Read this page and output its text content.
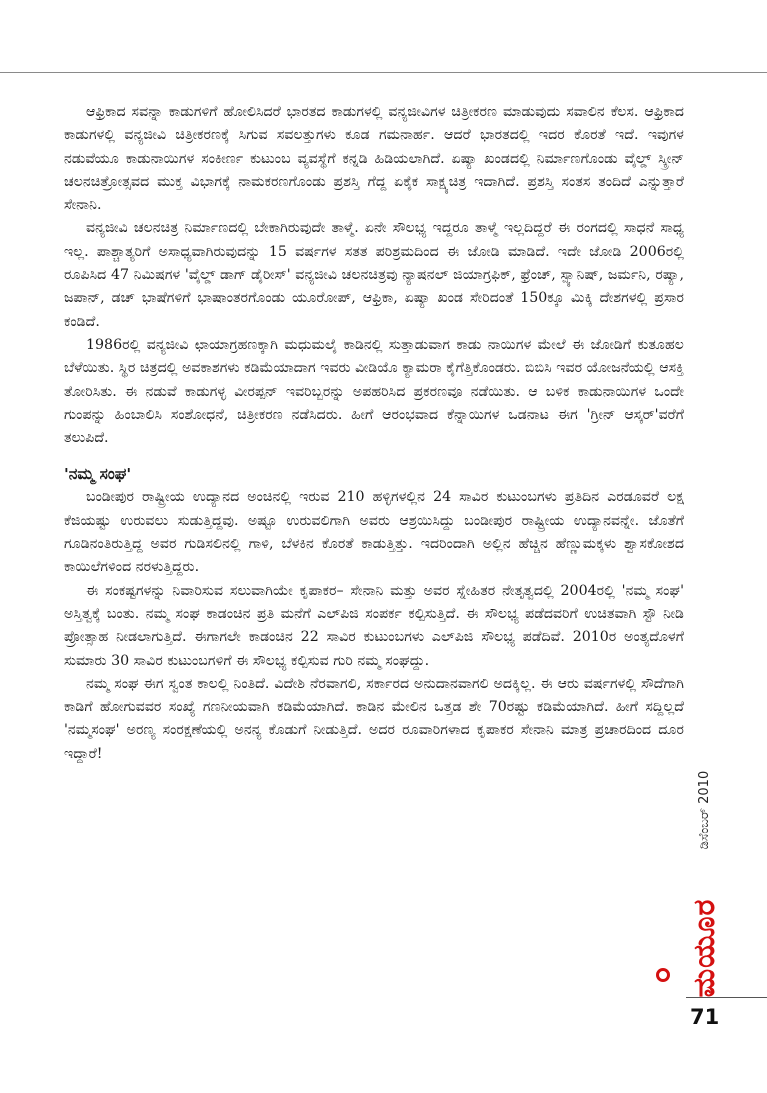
ಆಫ್ರಿಕಾದ ಸವನ್ನಾ ಕಾಡುಗಳಿಗೆ ಹೋಲಿಸಿದರೆ ಭಾರತದ ಕಾಡುಗಳಲ್ಲಿ ವನ್ಯಜೀವಿಗಳ ಚಿತ್ರೀಕರಣ ಮಾಡುವುದು ಸವಾಲಿನ ಕೆಲಸ. ಆಫ್ರಿಕಾದ ಕಾಡುಗಳಲ್ಲಿ ವನ್ಯಜೀವಿ ಚಿತ್ರೀಕರಣಕ್ಕೆ ಸಿಗುವ ಸವಲತ್ತುಗಳು ಕೂಡ ಗಮನಾರ್ಹ. ಆದರೆ ಭಾರತದಲ್ಲಿ ಇದರ ಕೊರತೆ ಇದೆ. ಇವುಗಳ ನಡುವೆಯೂ ಕಾಡುನಾಯಿಗಳ ಸಂಕೀರ್ಣ ಕುಟುಂಬ ವ್ಯವಸ್ಥೆಗೆ ಕನ್ನಡಿ ಹಿಡಿಯಲಾಗಿದೆ. ಏಷ್ಯಾ ಖಂಡದಲ್ಲಿ ನಿರ್ಮಾಣಗೊಂಡು ವೈಲ್ಡ್ ಸ್ಕ್ರೀನ್ ಚಲನಚಿತ್ರೋತ್ಸವದ ಮುಕ್ತ ವಿಭಾಗಕ್ಕೆ ನಾಮಕರಣಗೊಂಡು ಪ್ರಶಸ್ತಿ ಗೆದ್ದ ಏಕೈಕ ಸಾಕ್ಷ್ಯಚಿತ್ರ ಇದಾಗಿದೆ. ಪ್ರಶಸ್ತಿ ಸಂತಸ ತಂದಿದೆ ಎನ್ನುತ್ತಾರೆ ಸೇನಾನಿ.

ವನ್ಯಜೀವಿ ಚಲನಚಿತ್ರ ನಿರ್ಮಾಣದಲ್ಲಿ ಬೇಕಾಗಿರುವುದೇ ತಾಳ್ಮೆ. ಏನೇ ಸೌಲಭ್ಯ ಇದ್ದರೂ ತಾಳ್ಮೆ ಇಲ್ಲದಿದ್ದರೆ ಈ ರಂಗದಲ್ಲಿ ಸಾಧನೆ ಸಾಧ್ಯ ಇಲ್ಲ. ಪಾಶ್ಚಾತ್ಯರಿಗೆ ಅಸಾಧ್ಯವಾಗಿರುವುದನ್ನು 15 ವರ್ಷಗಳ ಸತತ ಪರಿಶ್ರಮದಿಂದ ಈ ಜೋಡಿ ಮಾಡಿದೆ. ಇದೇ ಜೋಡಿ 2006ರಲ್ಲಿ ರೂಪಿಸಿದ 47 ನಿಮಿಷಗಳ 'ವೈಲ್ಡ್ ಡಾಗ್ ಡೈರೀಸ್' ವನ್ಯಜೀವಿ ಚಲನಚಿತ್ರವು ನ್ಯಾಷನಲ್ ಜಿಯಾಗ್ರಫಿಕ್, ಫ್ರೆಂಚ್, ಸ್ಪ್ಯಾನಿಷ್, ಜರ್ಮನಿ, ರಷ್ಯಾ, ಜಪಾನ್, ಡಚ್ ಭಾಷೆಗಳಿಗೆ ಭಾಷಾಂತರಗೊಂಡು ಯೂರೋಪ್, ಆಫ್ರಿಕಾ, ಏಷ್ಯಾ ಖಂಡ ಸೇರಿದಂತೆ 150ಕ್ಕೂ ಮಿಕ್ಕಿ ದೇಶಗಳಲ್ಲಿ ಪ್ರಸಾರ ಕಂಡಿದೆ.

1986ರಲ್ಲಿ ವನ್ಯಜೀವಿ ಛಾಯಾಗ್ರಹಣಕ್ಕಾಗಿ ಮಧುಮಲೈ ಕಾಡಿನಲ್ಲಿ ಸುತ್ತಾಡುವಾಗ ಕಾಡು ನಾಯಿಗಳ ಮೇಲೆ ಈ ಜೋಡಿಗೆ ಕುತೂಹಲ ಬೆಳೆಯಿತು. ಸ್ಥಿರ ಚಿತ್ರದಲ್ಲಿ ಅವಕಾಶಗಳು ಕಡಿಮೆಯಾದಾಗ ಇವರು ವೀಡಿಯೊ ಕ್ಯಾಮರಾ ಕೈಗೆತ್ತಿಕೊಂಡರು. ಬಿಬಿಸಿ ಇವರ ಯೋಜನೆಯಲ್ಲಿ ಆಸಕ್ತಿ ತೋರಿಸಿತು. ಈ ನಡುವೆ ಕಾಡುಗಳ್ಳ ವೀರಪ್ಪನ್ ಇವರಿಬ್ಬರನ್ನು ಅಪಹರಿಸಿದ ಪ್ರಕರಣವೂ ನಡೆಯಿತು. ಆ ಬಳಿಕ ಕಾಡುನಾಯಿಗಳ ಒಂದೇ ಗುಂಪನ್ನು ಹಿಂಬಾಲಿಸಿ ಸಂಶೋಧನೆ, ಚಿತ್ರೀಕರಣ ನಡೆಸಿದರು. ಹೀಗೆ ಆರಂಭವಾದ ಕೆನ್ನಾಯಿಗಳ ಒಡನಾಟ ಈಗ 'ಗ್ರೀನ್ ಆಸ್ಕರ್'ವರೆಗೆ ತಲುಪಿದೆ.

'ನಮ್ಮ ಸಂಘ'

ಬಂಡೀಪುರ ರಾಷ್ಟ್ರೀಯ ಉದ್ಯಾನದ ಅಂಚಿನಲ್ಲಿ ಇರುವ 210 ಹಳ್ಳಿಗಳಲ್ಲಿನ 24 ಸಾವಿರ ಕುಟುಂಬಗಳು ಪ್ರತಿದಿನ ಎರಡೂವರೆ ಲಕ್ಷ ಕೆಜಿಯಷ್ಟು ಉರುವಲು ಸುಡುತ್ತಿದ್ದವು. ಅಷ್ಟೂ ಉರುವಲಿಗಾಗಿ ಅವರು ಆಶ್ರಯಿಸಿದ್ದು ಬಂಡೀಪುರ ರಾಷ್ಟ್ರೀಯ ಉದ್ಯಾನವನ್ನೇ. ಜೊತೆಗೆ ಗೂಡಿನಂತಿರುತ್ತಿದ್ದ ಅವರ ಗುಡಿಸಲಿನಲ್ಲಿ ಗಾಳಿ, ಬೆಳಕಿನ ಕೊರತೆ ಕಾಡುತ್ತಿತ್ತು. ಇದರಿಂದಾಗಿ ಅಲ್ಲಿನ ಹೆಚ್ಚಿನ ಹೆಣ್ಣುಮಕ್ಕಳು ಶ್ವಾಸಕೋಶದ ಕಾಯಿಲೆಗಳಿಂದ ನರಳುತ್ತಿದ್ದರು.

ಈ ಸಂಕಷ್ಟಗಳನ್ನು ನಿವಾರಿಸುವ ಸಲುವಾಗಿಯೇ ಕೃಪಾಕರ– ಸೇನಾನಿ ಮತ್ತು ಅವರ ಸ್ನೇಹಿತರ ನೇತೃತ್ವದಲ್ಲಿ 2004ರಲ್ಲಿ 'ನಮ್ಮ ಸಂಘ' ಅಸ್ತಿತ್ವಕ್ಕೆ ಬಂತು. ನಮ್ಮ ಸಂಘ ಕಾಡಂಚಿನ ಪ್ರತಿ ಮನೆಗೆ ಎಲ್‌ಪಿಜಿ ಸಂಪರ್ಕ ಕಲ್ಪಿಸುತ್ತಿದೆ. ಈ ಸೌಲಭ್ಯ ಪಡೆದವರಿಗೆ ಉಚಿತವಾಗಿ ಸ್ಟೌ ನೀಡಿ ಪ್ರೋತ್ಸಾಹ ನೀಡಲಾಗುತ್ತಿದೆ. ಈಗಾಗಲೇ ಕಾಡಂಚಿನ 22 ಸಾವಿರ ಕುಟುಂಬಗಳು ಎಲ್‌ಪಿಜಿ ಸೌಲಭ್ಯ ಪಡೆದಿವೆ. 2010ರ ಅಂತ್ಯದೊಳಗೆ ಸುಮಾರು 30 ಸಾವಿರ ಕುಟುಂಬಗಳಿಗೆ ಈ ಸೌಲಭ್ಯ ಕಲ್ಪಿಸುವ ಗುರಿ ನಮ್ಮ ಸಂಘದ್ದು.

ನಮ್ಮ ಸಂಘ ಈಗ ಸ್ವಂತ ಕಾಲಲ್ಲಿ ನಿಂತಿದೆ. ವಿದೇಶಿ ನೆರವಾಗಲಿ, ಸರ್ಕಾರದ ಅನುದಾನವಾಗಲಿ ಅದಕ್ಕಿಲ್ಲ. ಈ ಆರು ವರ್ಷಗಳಲ್ಲಿ ಸೌದೆಗಾಗಿ ಕಾಡಿಗೆ ಹೋಗುವವರ ಸಂಖ್ಯೆ ಗಣನೀಯವಾಗಿ ಕಡಿಮೆಯಾಗಿದೆ. ಕಾಡಿನ ಮೇಲಿನ ಒತ್ತಡ ಶೇ 70ರಷ್ಟು ಕಡಿಮೆಯಾಗಿದೆ. ಹೀಗೆ ಸದ್ದಿಲ್ಲದೆ 'ನಮ್ಮಸಂಘ' ಅರಣ್ಯ ಸಂರಕ್ಷಣೆಯಲ್ಲಿ ಅನನ್ಯ ಕೊಡುಗೆ ನೀಡುತ್ತಿದೆ. ಅದರ ರೂವಾರಿಗಳಾದ ಕೃಪಾಕರ ಸೇನಾನಿ ಮಾತ್ರ ಪ್ರಚಾರದಿಂದ ದೂರ ಇದ್ದಾರೆ!

ಡಿಸೆಂಬರ್ 2010
ಮಯೂರ
71
